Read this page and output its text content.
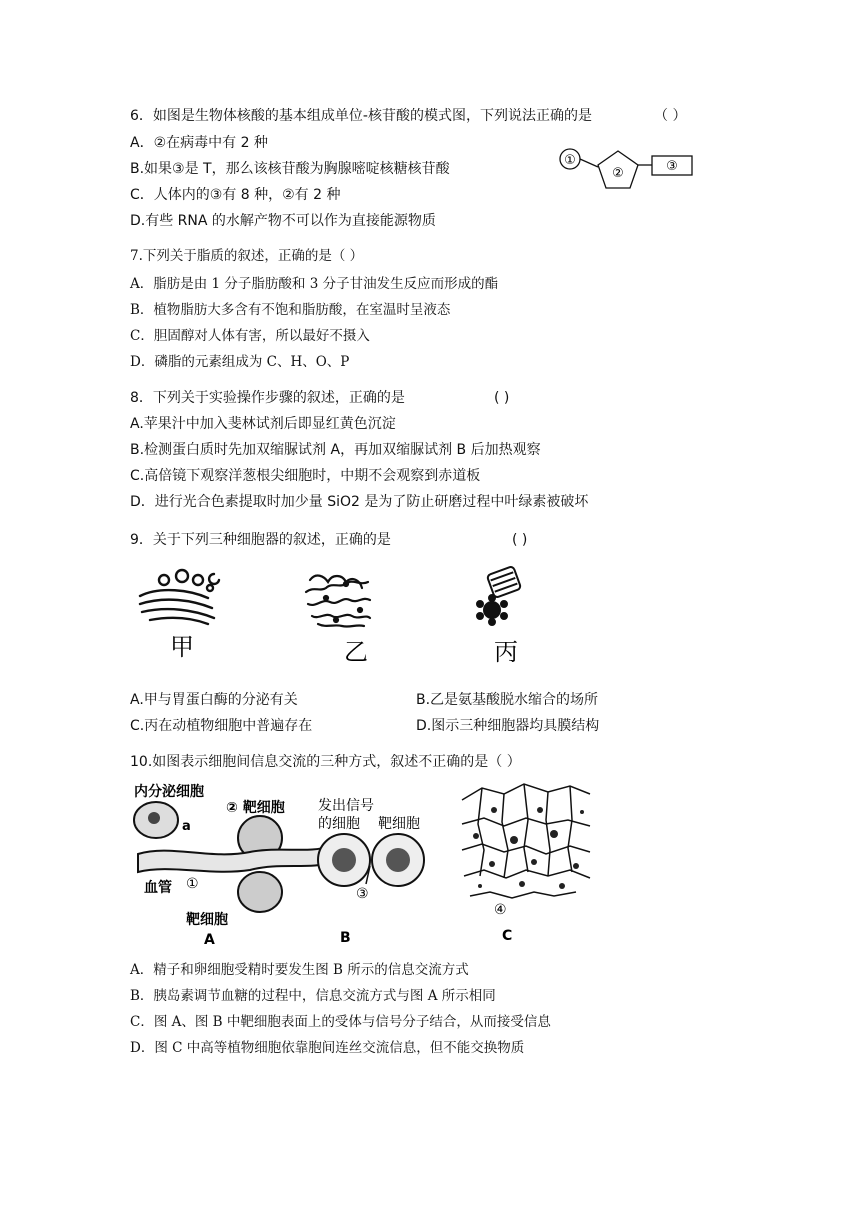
6．如图是生物体核酸的基本组成单位-核苷酸的模式图，下列说法正确的是	（ ）
A．②在病毒中有 2 种
B.如果③是 T，那么该核苷酸为胸腺嘧啶核糖核苷酸
C．人体内的③有 8 种，②有 2 种
D.有些 RNA 的水解产物不可以作为直接能源物质
①
②	③
7.下列关于脂质的叙述，正确的是（ ）
A．脂肪是由 1 分子脂肪酸和 3 分子甘油发生反应而形成的酯
B．植物脂肪大多含有不饱和脂肪酸，在室温时呈液态
C．胆固醇对人体有害，所以最好不摄入
D．磷脂的元素组成为 C、H、O、P
8．下列关于实验操作步骤的叙述，正确的是	( )
A.苹果汁中加入斐林试剂后即显红黄色沉淀
B.检测蛋白质时先加双缩脲试剂 A，再加双缩脲试剂 B 后加热观察
C.高倍镜下观察洋葱根尖细胞时，中期不会观察到赤道板
D．进行光合色素提取时加少量 SiO2 是为了防止研磨过程中叶绿素被破坏
9．关于下列三种细胞器的叙述，正确的是	( )
甲	乙	丙
A.甲与胃蛋白酶的分泌有关	B.乙是氨基酸脱水缩合的场所
C.丙在动植物细胞中普遍存在	D.图示三种细胞器均具膜结构
10.如图表示细胞间信息交流的三种方式，叙述不正确的是（ ）
内分泌细胞
② 靶细胞
a
血管 ①
靶细胞
A
发出信号
的细胞 靶细胞
③
B
④
C
A．精子和卵细胞受精时要发生图 B 所示的信息交流方式
B．胰岛素调节血糖的过程中，信息交流方式与图 A 所示相同
C．图 A、图 B 中靶细胞表面上的受体与信号分子结合，从而接受信息
D．图 C 中高等植物细胞依靠胞间连丝交流信息，但不能交换物质
